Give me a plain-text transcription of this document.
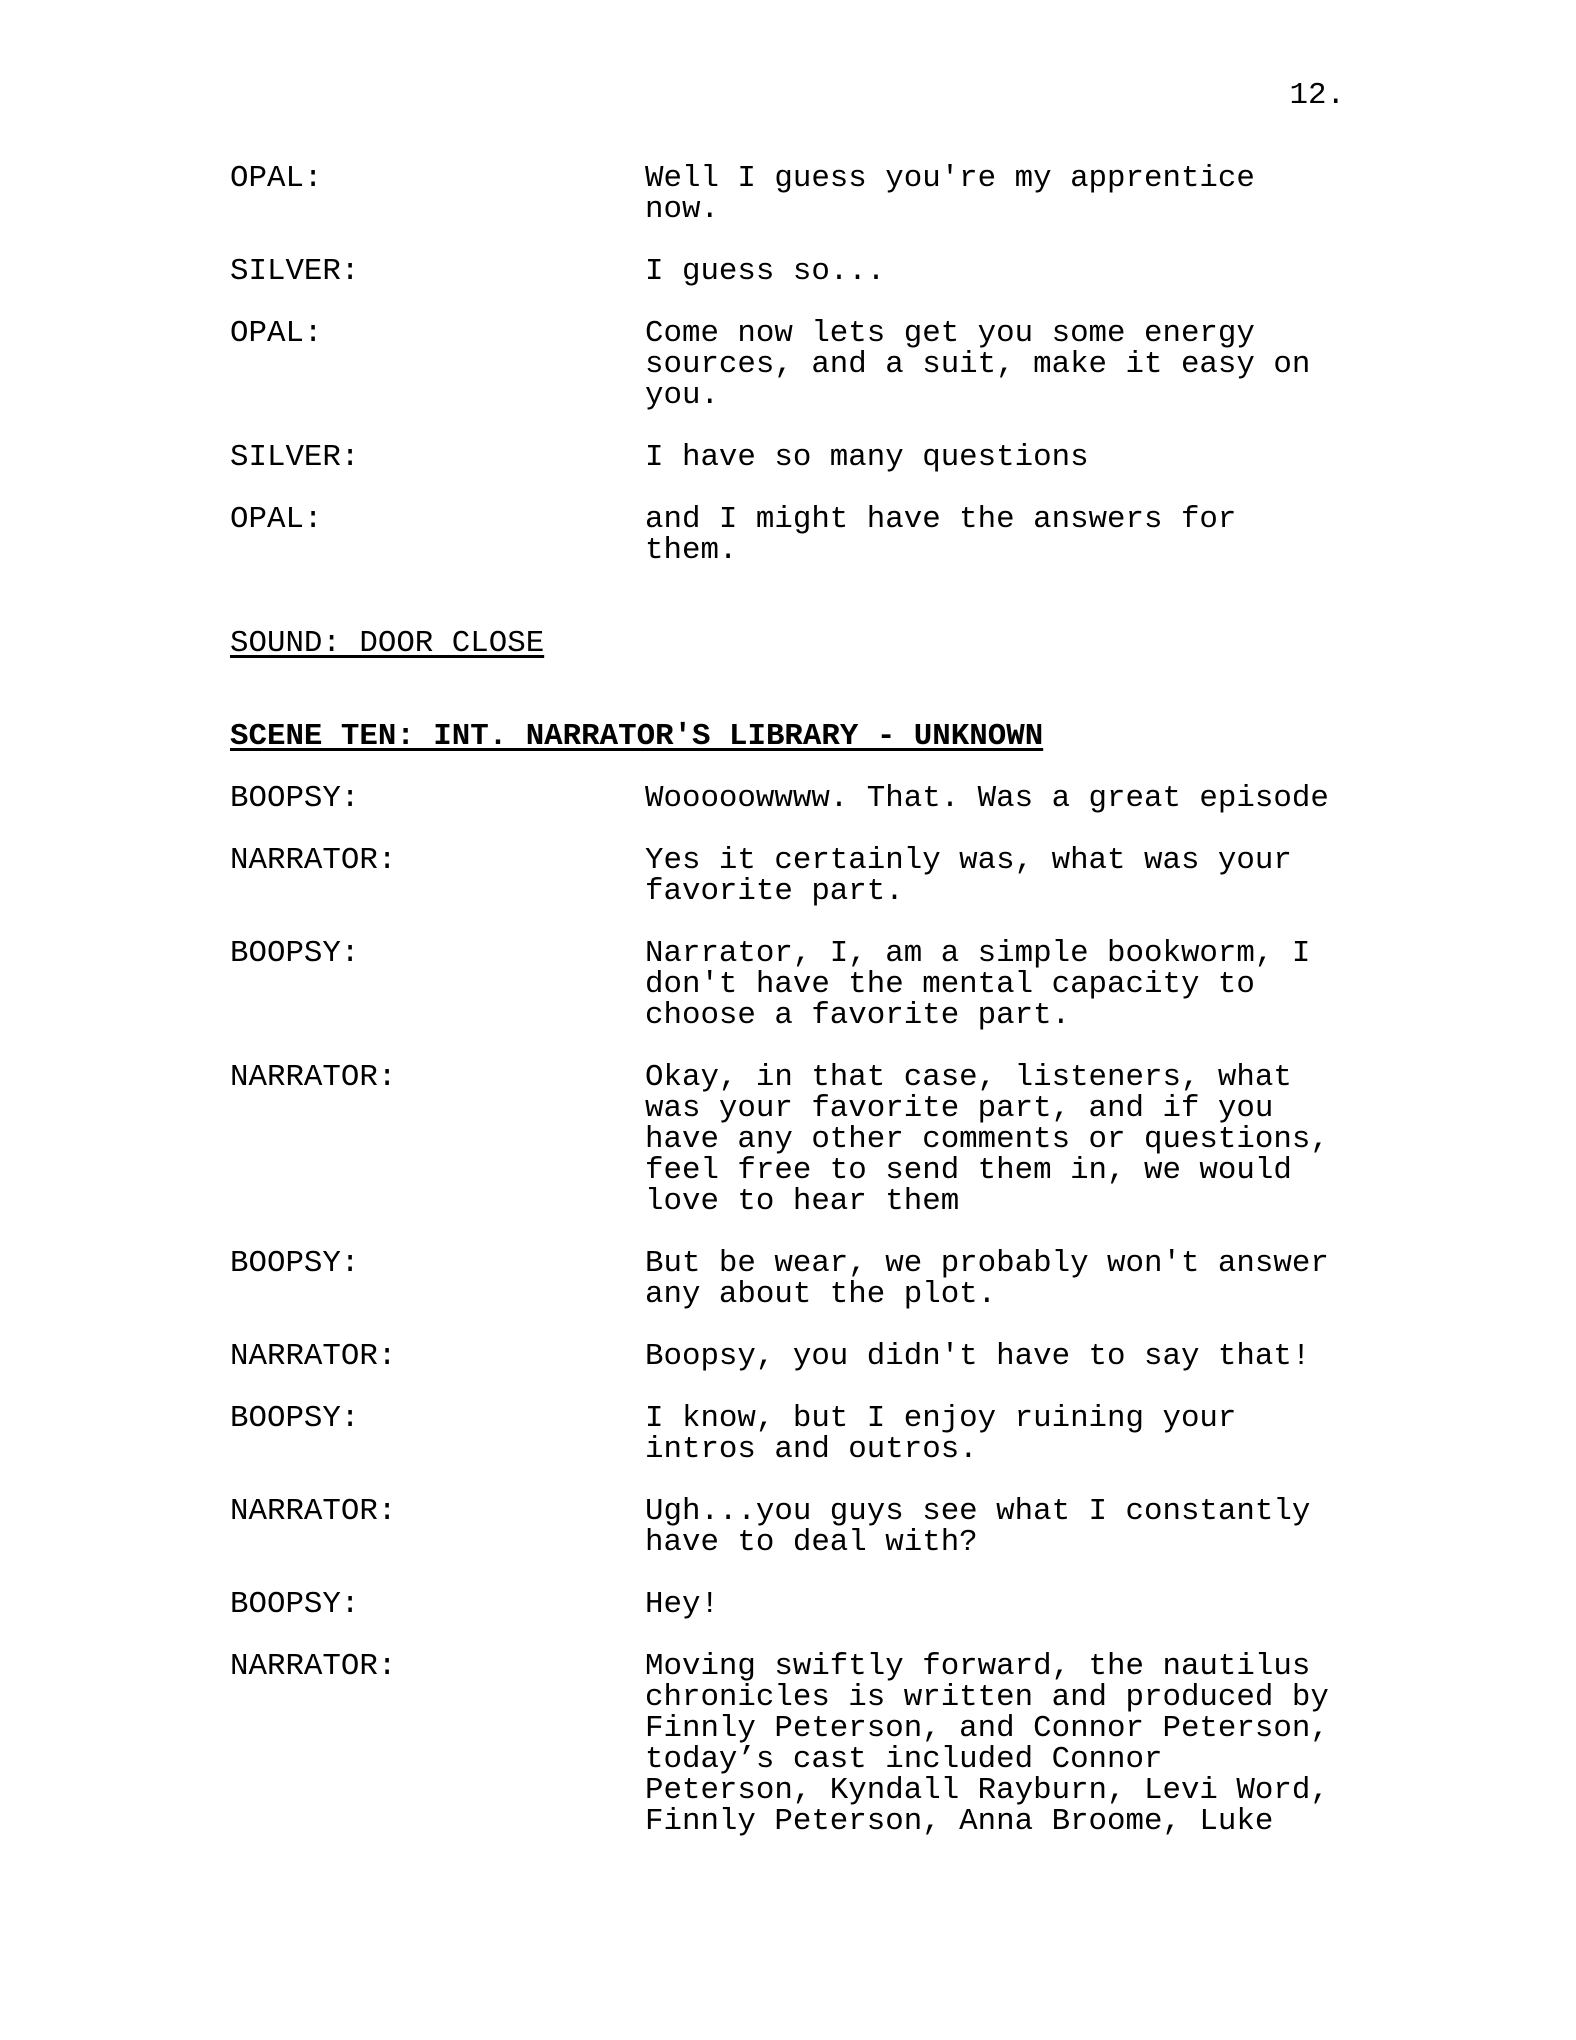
12.
OPAL:	Well I guess you're my apprentice now.
SILVER:	I guess so...
OPAL:	Come now lets get you some energy sources, and a suit, make it easy on you.
SILVER:	I have so many questions
OPAL:	and I might have the answers for them.
SOUND: DOOR CLOSE
SCENE TEN: INT. NARRATOR'S LIBRARY - UNKNOWN
BOOPSY:	Wooooowwww. That. Was a great episode
NARRATOR:	Yes it certainly was, what was your favorite part.
BOOPSY:	Narrator, I, am a simple bookworm, I don't have the mental capacity to choose a favorite part.
NARRATOR:	Okay, in that case, listeners, what was your favorite part, and if you have any other comments or questions, feel free to send them in, we would love to hear them
BOOPSY:	But be wear, we probably won't answer any about the plot.
NARRATOR:	Boopsy, you didn't have to say that!
BOOPSY:	I know, but I enjoy ruining your intros and outros.
NARRATOR:	Ugh...you guys see what I constantly have to deal with?
BOOPSY:	Hey!
NARRATOR:	Moving swiftly forward, the nautilus chronicles is written and produced by Finnly Peterson, and Connor Peterson, today’s cast included Connor Peterson, Kyndall Rayburn, Levi Word, Finnly Peterson, Anna Broome, Luke
